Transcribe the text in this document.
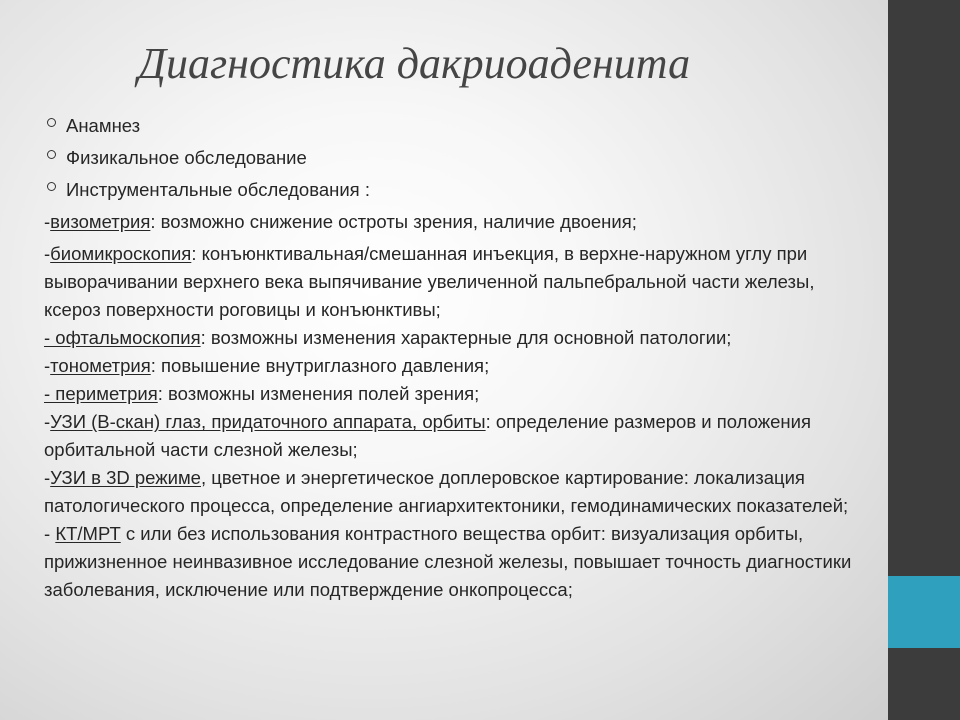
Диагностика дакриоаденита
Анамнез
Физикальное обследование
Инструментальные обследования :

-визометрия: возможно снижение остроты зрения, наличие двоения;

-биомикроскопия: конъюнктивальная/смешанная инъекция, в верхне-наружном углу при выворачивании верхнего века выпячивание увеличенной пальпебральной части железы, ксероз поверхности роговицы и конъюнктивы;

- офтальмоскопия: возможны изменения характерные для основной патологии;

-тонометрия: повышение внутриглазного давления;

- периметрия: возможны изменения полей зрения;

-УЗИ (В-скан) глаз, придаточного аппарата, орбиты: определение размеров и положения орбитальной части слезной железы;

-УЗИ в 3D режиме, цветное и энергетическое доплеровское картирование: локализация патологического процесса, определение ангиархитектоники, гемодинамических показателей;

- КТ/МРТ с или без использования контрастного вещества орбит: визуализация орбиты, прижизненное неинвазивное исследование слезной железы, повышает точность диагностики заболевания, исключение или подтверждение онкопроцесса;
